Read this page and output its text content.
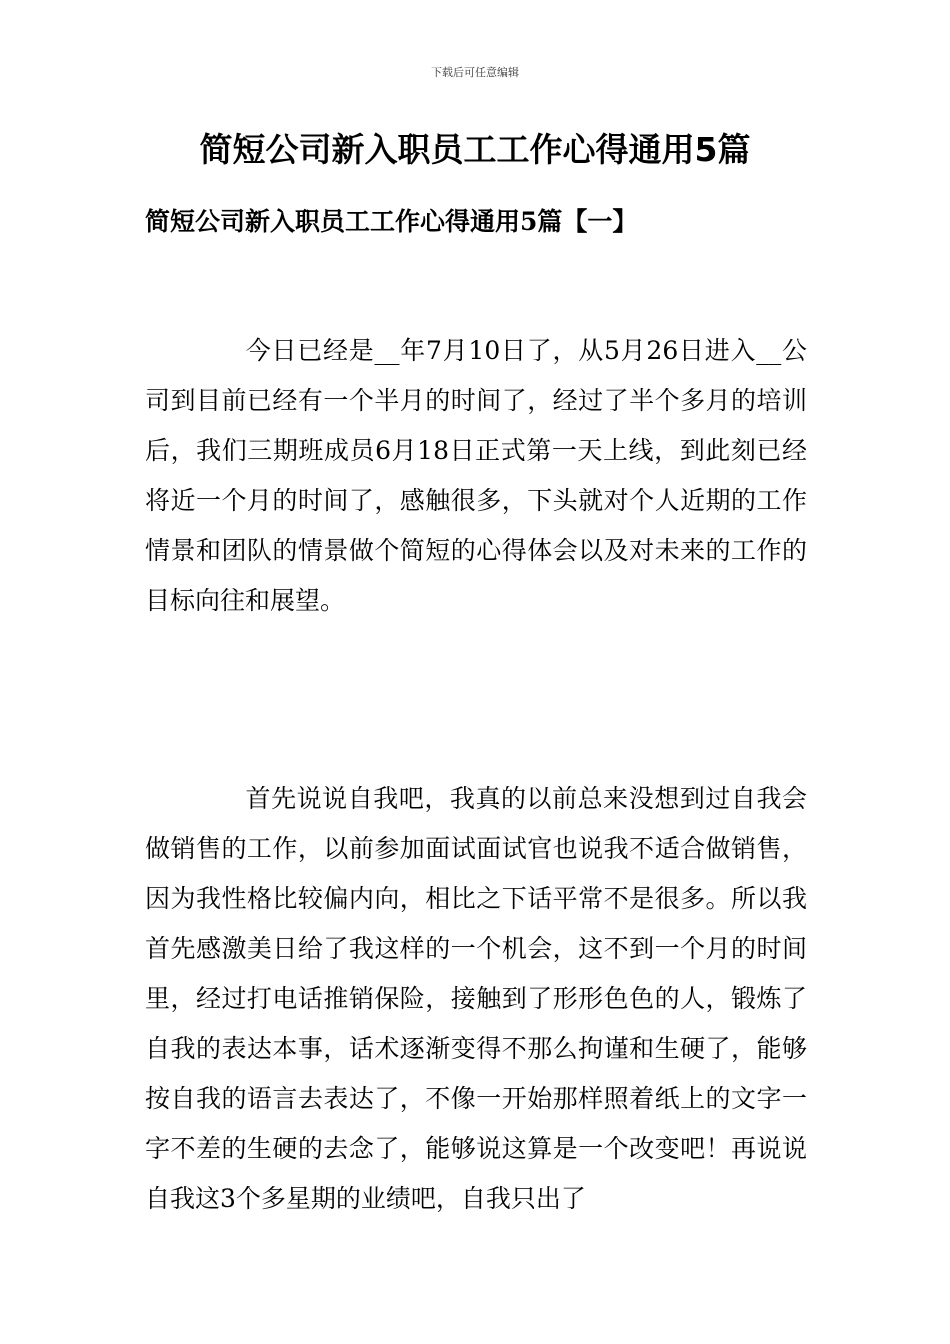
下载后可任意编辑
简短公司新入职员工工作心得通用5篇
简短公司新入职员工工作心得通用5篇【一】

今日已经是__年7月10日了，从5月26日进入__公司到目前已经有一个半月的时间了，经过了半个多月的培训后，我们三期班成员6月18日正式第一天上线，到此刻已经将近一个月的时间了，感触很多，下头就对个人近期的工作情景和团队的情景做个简短的心得体会以及对未来的工作的目标向往和展望。

首先说说自我吧，我真的以前总来没想到过自我会做销售的工作，以前参加面试面试官也说我不适合做销售，因为我性格比较偏内向，相比之下话平常不是很多。所以我首先感激美日给了我这样的一个机会，这不到一个月的时间里，经过打电话推销保险，接触到了形形色色的人，锻炼了自我的表达本事，话术逐渐变得不那么拘谨和生硬了，能够按自我的语言去表达了，不像一开始那样照着纸上的文字一字不差的生硬的去念了，能够说这算是一个改变吧！再说说自我这3个多星期的业绩吧，自我只出了
